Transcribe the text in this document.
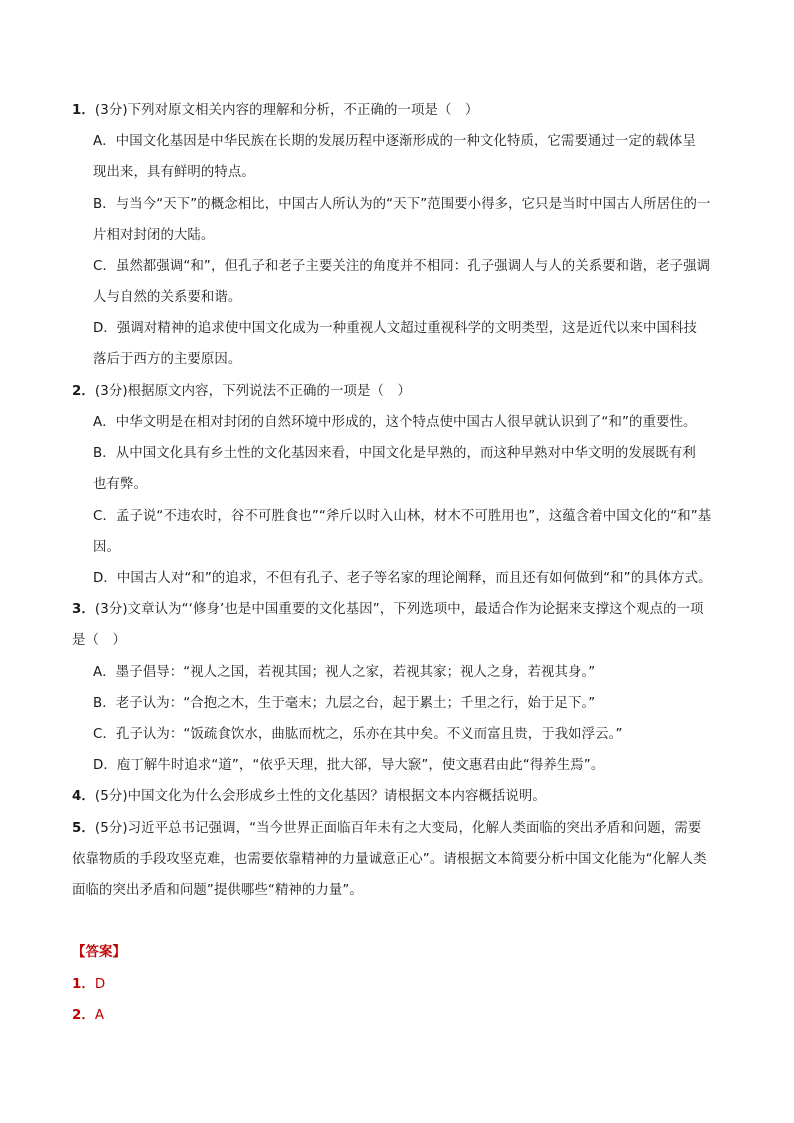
1．(3分)下列对原文相关内容的理解和分析，不正确的一项是（　）
A．中国文化基因是中华民族在长期的发展历程中逐渐形成的一种文化特质，它需要通过一定的载体呈
现出来，具有鲜明的特点。
B．与当今“天下”的概念相比，中国古人所认为的“天下”范围要小得多，它只是当时中国古人所居住的一
片相对封闭的大陆。
C．虽然都强调“和”，但孔子和老子主要关注的角度并不相同：孔子强调人与人的关系要和谐，老子强调
人与自然的关系要和谐。
D．强调对精神的追求使中国文化成为一种重视人文超过重视科学的文明类型，这是近代以来中国科技
落后于西方的主要原因。
2．(3分)根据原文内容，下列说法不正确的一项是（　）
A．中华文明是在相对封闭的自然环境中形成的，这个特点使中国古人很早就认识到了“和”的重要性。
B．从中国文化具有乡土性的文化基因来看，中国文化是早熟的，而这种早熟对中华文明的发展既有利
也有弊。
C．孟子说“不违农时，谷不可胜食也”“斧斤以时入山林，材木不可胜用也”，这蕴含着中国文化的“和”基
因。
D．中国古人对“和”的追求，不但有孔子、老子等名家的理论阐释，而且还有如何做到“和”的具体方式。
3．(3分)文章认为“‘修身’也是中国重要的文化基因”，下列选项中，最适合作为论据来支撑这个观点的一项
是（　）
A．墨子倡导：“视人之国，若视其国；视人之家，若视其家；视人之身，若视其身。”
B．老子认为：“合抱之木，生于毫末；九层之台，起于累土；千里之行，始于足下。”
C．孔子认为：“饭疏食饮水，曲肱而枕之，乐亦在其中矣。不义而富且贵，于我如浮云。”
D．庖丁解牛时追求“道”，“依乎天理，批大郤，导大窾”，使文惠君由此“得养生焉”。
4．(5分)中国文化为什么会形成乡土性的文化基因？请根据文本内容概括说明。
5．(5分)习近平总书记强调，“当今世界正面临百年未有之大变局，化解人类面临的突出矛盾和问题，需要
依靠物质的手段攻坚克难，也需要依靠精神的力量诚意正心”。请根据文本简要分析中国文化能为“化解人类
面临的突出矛盾和问题”提供哪些“精神的力量”。
【答案】
1．D
2．A
